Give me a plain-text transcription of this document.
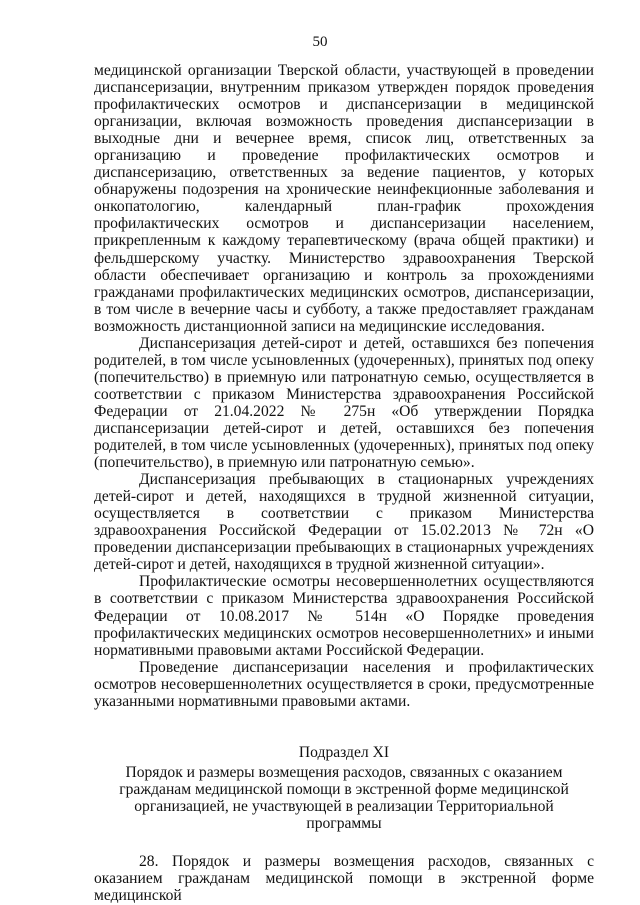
50

медицинской организации Тверской области, участвующей в проведении диспансеризации, внутренним приказом утвержден порядок проведения профилактических осмотров и диспансеризации в медицинской организации, включая возможность проведения диспансеризации в выходные дни и вечернее время, список лиц, ответственных за организацию и проведение профилактических осмотров и диспансеризацию, ответственных за ведение пациентов, у которых обнаружены подозрения на хронические неинфекционные заболевания и онкопатологию, календарный план-график прохождения профилактических осмотров и диспансеризации населением, прикрепленным к каждому терапевтическому (врача общей практики) и фельдшерскому участку. Министерство здравоохранения Тверской области обеспечивает организацию и контроль за прохождениями гражданами профилактических медицинских осмотров, диспансеризации, в том числе в вечерние часы и субботу, а также предоставляет гражданам возможность дистанционной записи на медицинские исследования.

Диспансеризация детей-сирот и детей, оставшихся без попечения родителей, в том числе усыновленных (удочеренных), принятых под опеку (попечительство) в приемную или патронатную семью, осуществляется в соответствии с приказом Министерства здравоохранения Российской Федерации от 21.04.2022 № 275н «Об утверждении Порядка диспансеризации детей-сирот и детей, оставшихся без попечения родителей, в том числе усыновленных (удочеренных), принятых под опеку (попечительство), в приемную или патронатную семью».

Диспансеризация пребывающих в стационарных учреждениях детей-сирот и детей, находящихся в трудной жизненной ситуации, осуществляется в соответствии с приказом Министерства здравоохранения Российской Федерации от 15.02.2013 № 72н «О проведении диспансеризации пребывающих в стационарных учреждениях детей-сирот и детей, находящихся в трудной жизненной ситуации».

Профилактические осмотры несовершеннолетних осуществляются в соответствии с приказом Министерства здравоохранения Российской Федерации от 10.08.2017 № 514н «О Порядке проведения профилактических медицинских осмотров несовершеннолетних» и иными нормативными правовыми актами Российской Федерации.

Проведение диспансеризации населения и профилактических осмотров несовершеннолетних осуществляется в сроки, предусмотренные указанными нормативными правовыми актами.

Подраздел XI

Порядок и размеры возмещения расходов, связанных с оказанием гражданам медицинской помощи в экстренной форме медицинской организацией, не участвующей в реализации Территориальной программы

28. Порядок и размеры возмещения расходов, связанных с оказанием гражданам медицинской помощи в экстренной форме медицинской
